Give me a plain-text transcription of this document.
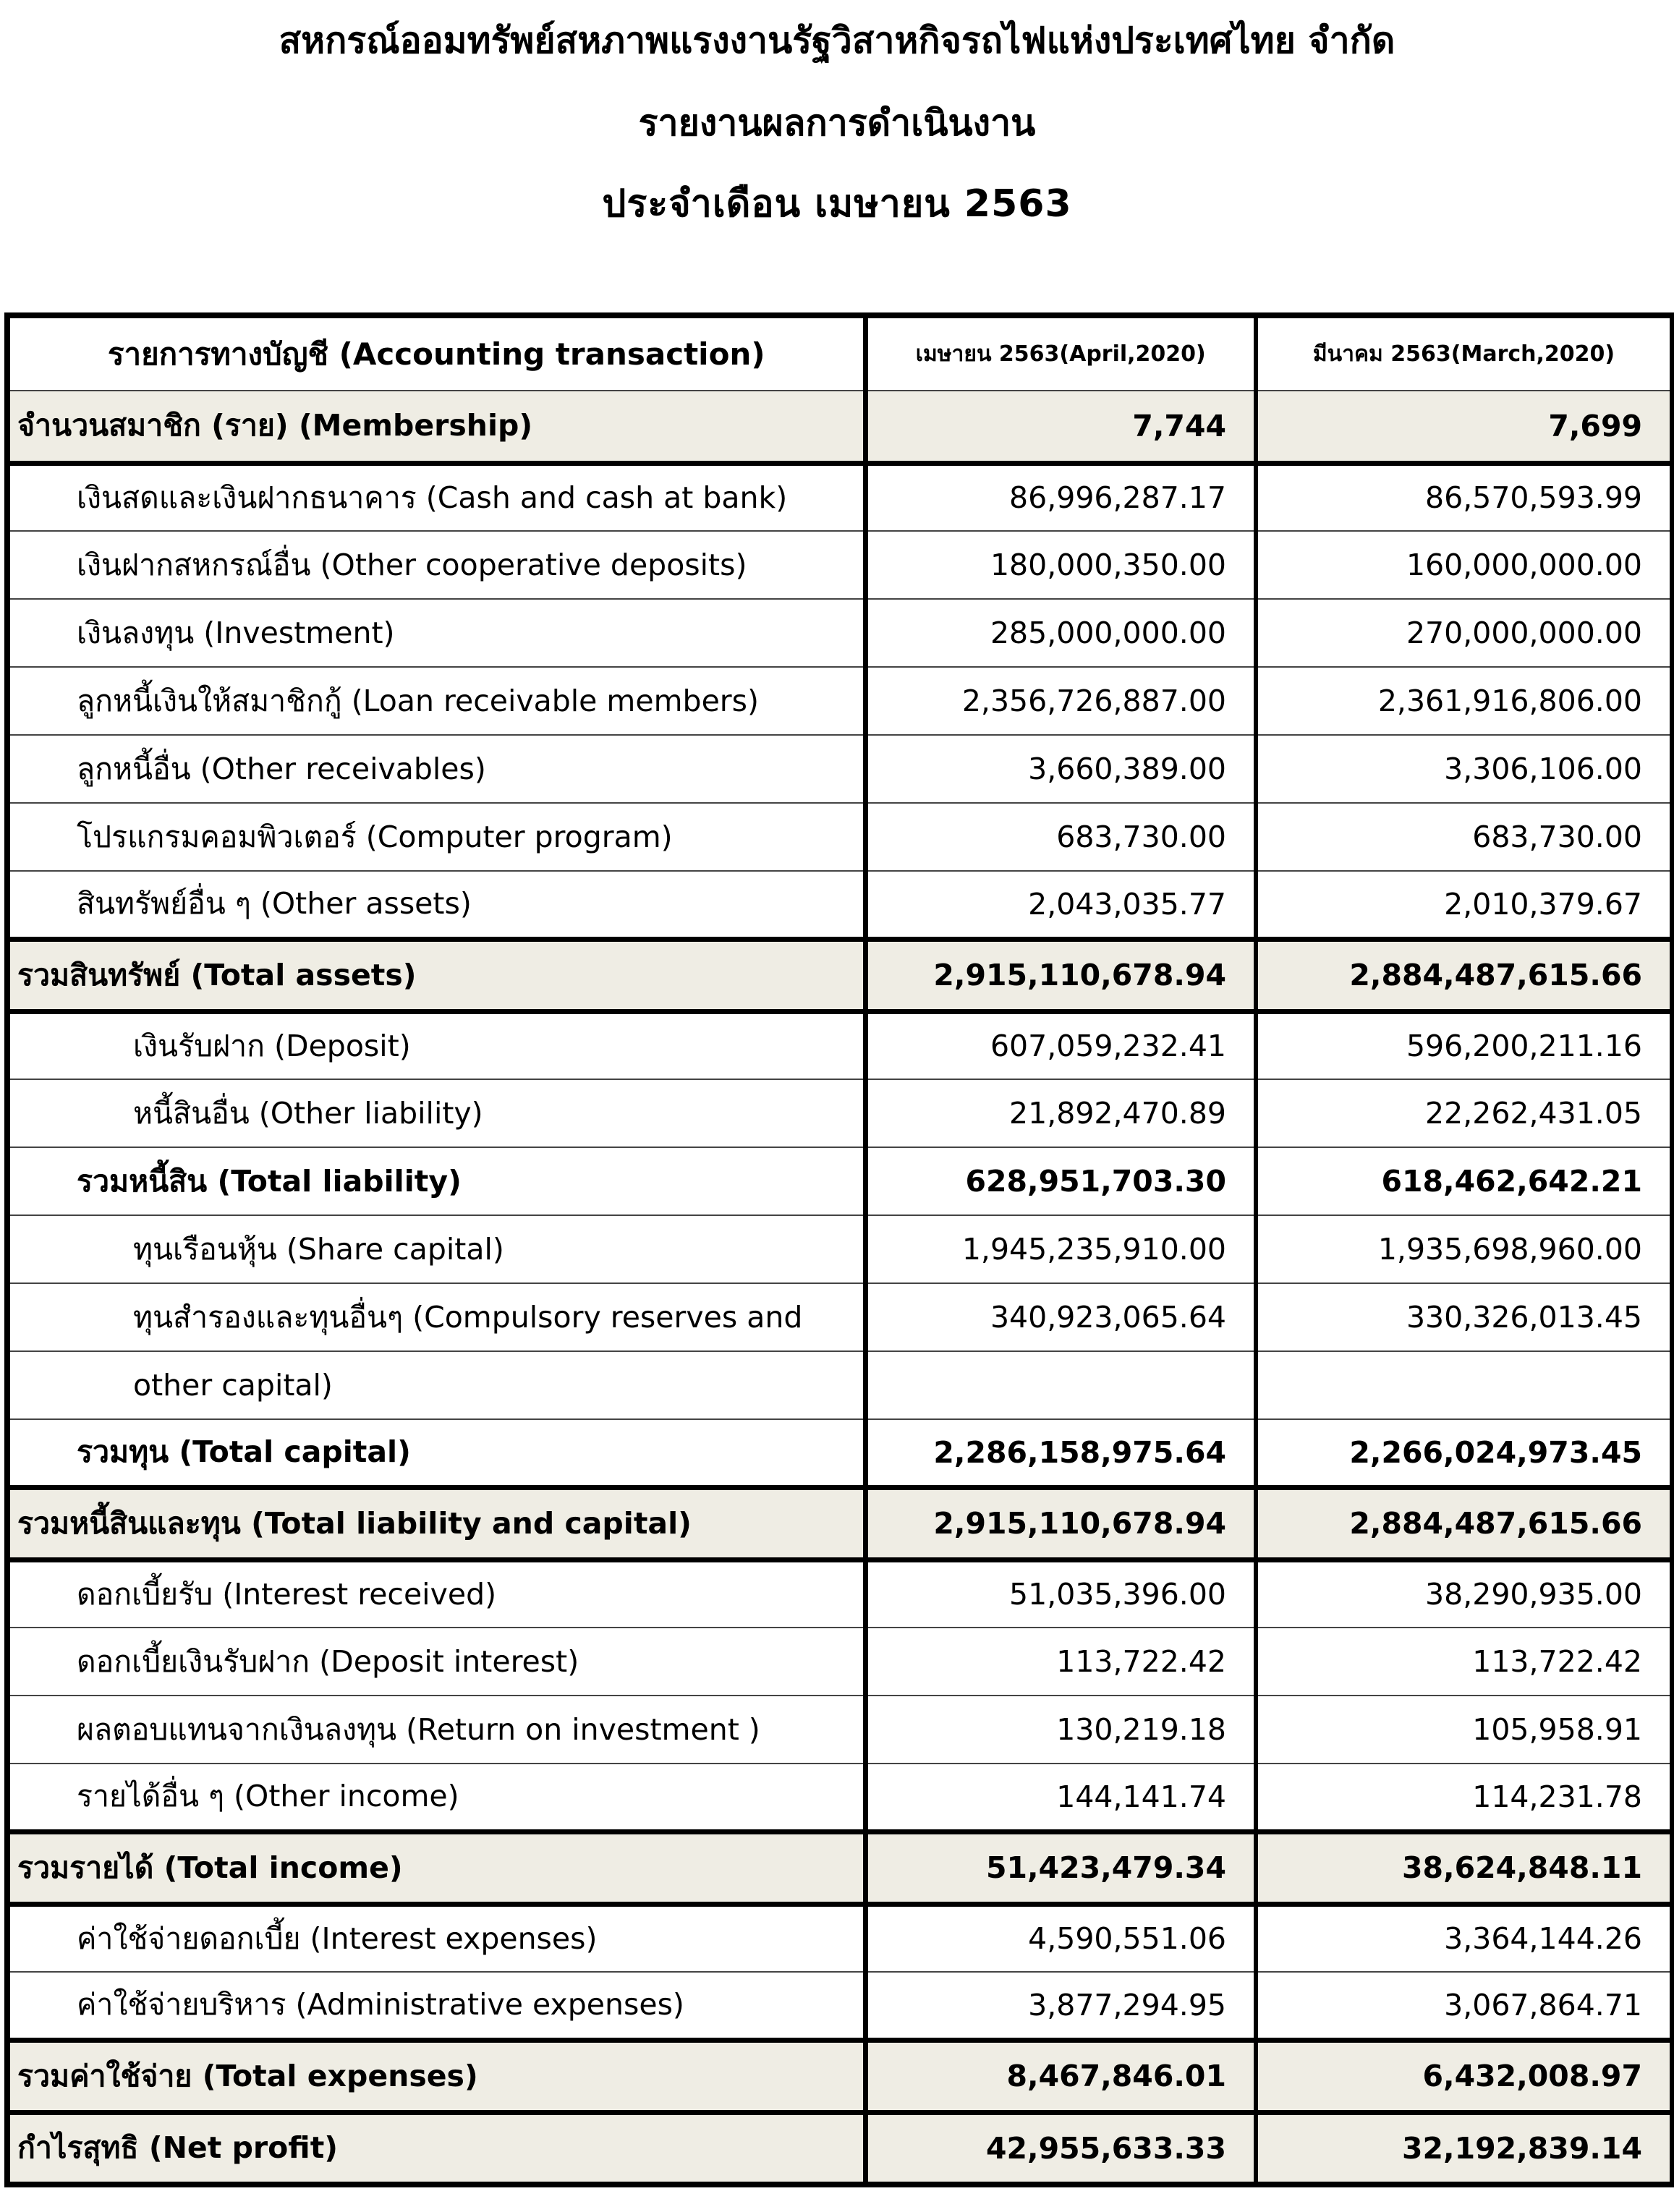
สหกรณ์ออมทรัพย์สหภาพแรงงานรัฐวิสาหกิจรถไฟแห่งประเทศไทย จำกัด
รายงานผลการดำเนินงาน
ประจำเดือน เมษายน 2563
รายการทางบัญชี (Accounting transaction)	เมษายน 2563(April,2020)	มีนาคม 2563(March,2020)
จำนวนสมาชิก (ราย) (Membership)	7,744	7,699
เงินสดและเงินฝากธนาคาร (Cash and cash at bank)	86,996,287.17	86,570,593.99
เงินฝากสหกรณ์อื่น (Other cooperative deposits)	180,000,350.00	160,000,000.00
เงินลงทุน (Investment)	285,000,000.00	270,000,000.00
ลูกหนี้เงินให้สมาชิกกู้ (Loan receivable members)	2,356,726,887.00	2,361,916,806.00
ลูกหนี้อื่น (Other receivables)	3,660,389.00	3,306,106.00
โปรแกรมคอมพิวเตอร์ (Computer program)	683,730.00	683,730.00
สินทรัพย์อื่น ๆ (Other assets)	2,043,035.77	2,010,379.67
รวมสินทรัพย์ (Total assets)	2,915,110,678.94	2,884,487,615.66
เงินรับฝาก (Deposit)	607,059,232.41	596,200,211.16
หนี้สินอื่น (Other liability)	21,892,470.89	22,262,431.05
รวมหนี้สิน (Total liability)	628,951,703.30	618,462,642.21
ทุนเรือนหุ้น (Share capital)	1,945,235,910.00	1,935,698,960.00
ทุนสำรองและทุนอื่นๆ (Compulsory reserves and	340,923,065.64	330,326,013.45
other capital)		
รวมทุน (Total capital)	2,286,158,975.64	2,266,024,973.45
รวมหนี้สินและทุน (Total liability and capital)	2,915,110,678.94	2,884,487,615.66
ดอกเบี้ยรับ (Interest received)	51,035,396.00	38,290,935.00
ดอกเบี้ยเงินรับฝาก (Deposit interest)	113,722.42	113,722.42
ผลตอบแทนจากเงินลงทุน (Return on investment )	130,219.18	105,958.91
รายได้อื่น ๆ (Other income)	144,141.74	114,231.78
รวมรายได้ (Total income)	51,423,479.34	38,624,848.11
ค่าใช้จ่ายดอกเบี้ย (Interest expenses)	4,590,551.06	3,364,144.26
ค่าใช้จ่ายบริหาร (Administrative expenses)	3,877,294.95	3,067,864.71
รวมค่าใช้จ่าย (Total expenses)	8,467,846.01	6,432,008.97
กำไรสุทธิ (Net profit)	42,955,633.33	32,192,839.14
